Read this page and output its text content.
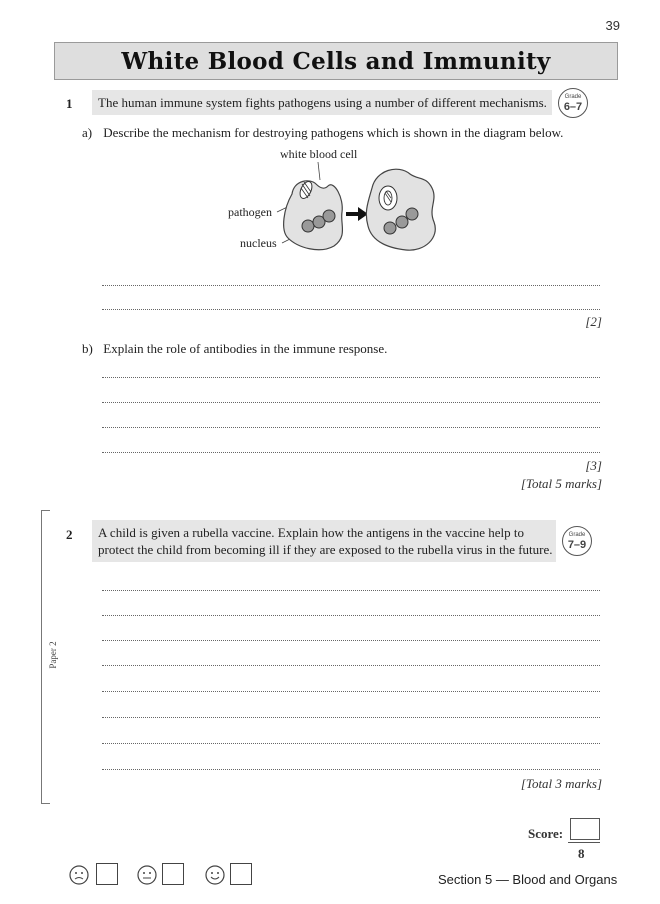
39
White Blood Cells and Immunity
1	The human immune system fights pathogens using a number of different mechanisms.	Grade
6–7
a) Describe the mechanism for destroying pathogens which is shown in the diagram below.
white blood cell
pathogen
nucleus
[2]
b) Explain the role of antibodies in the immune response.
[3]
[Total 5 marks]
Paper 2
2 A child is given a rubella vaccine. Explain how the antigens in the vaccine help to
protect the child from becoming ill if they are exposed to the rubella virus in the future.
Grade
7–9
[Total 3 marks]
Score:
8
Section 5 — Blood and Organs
